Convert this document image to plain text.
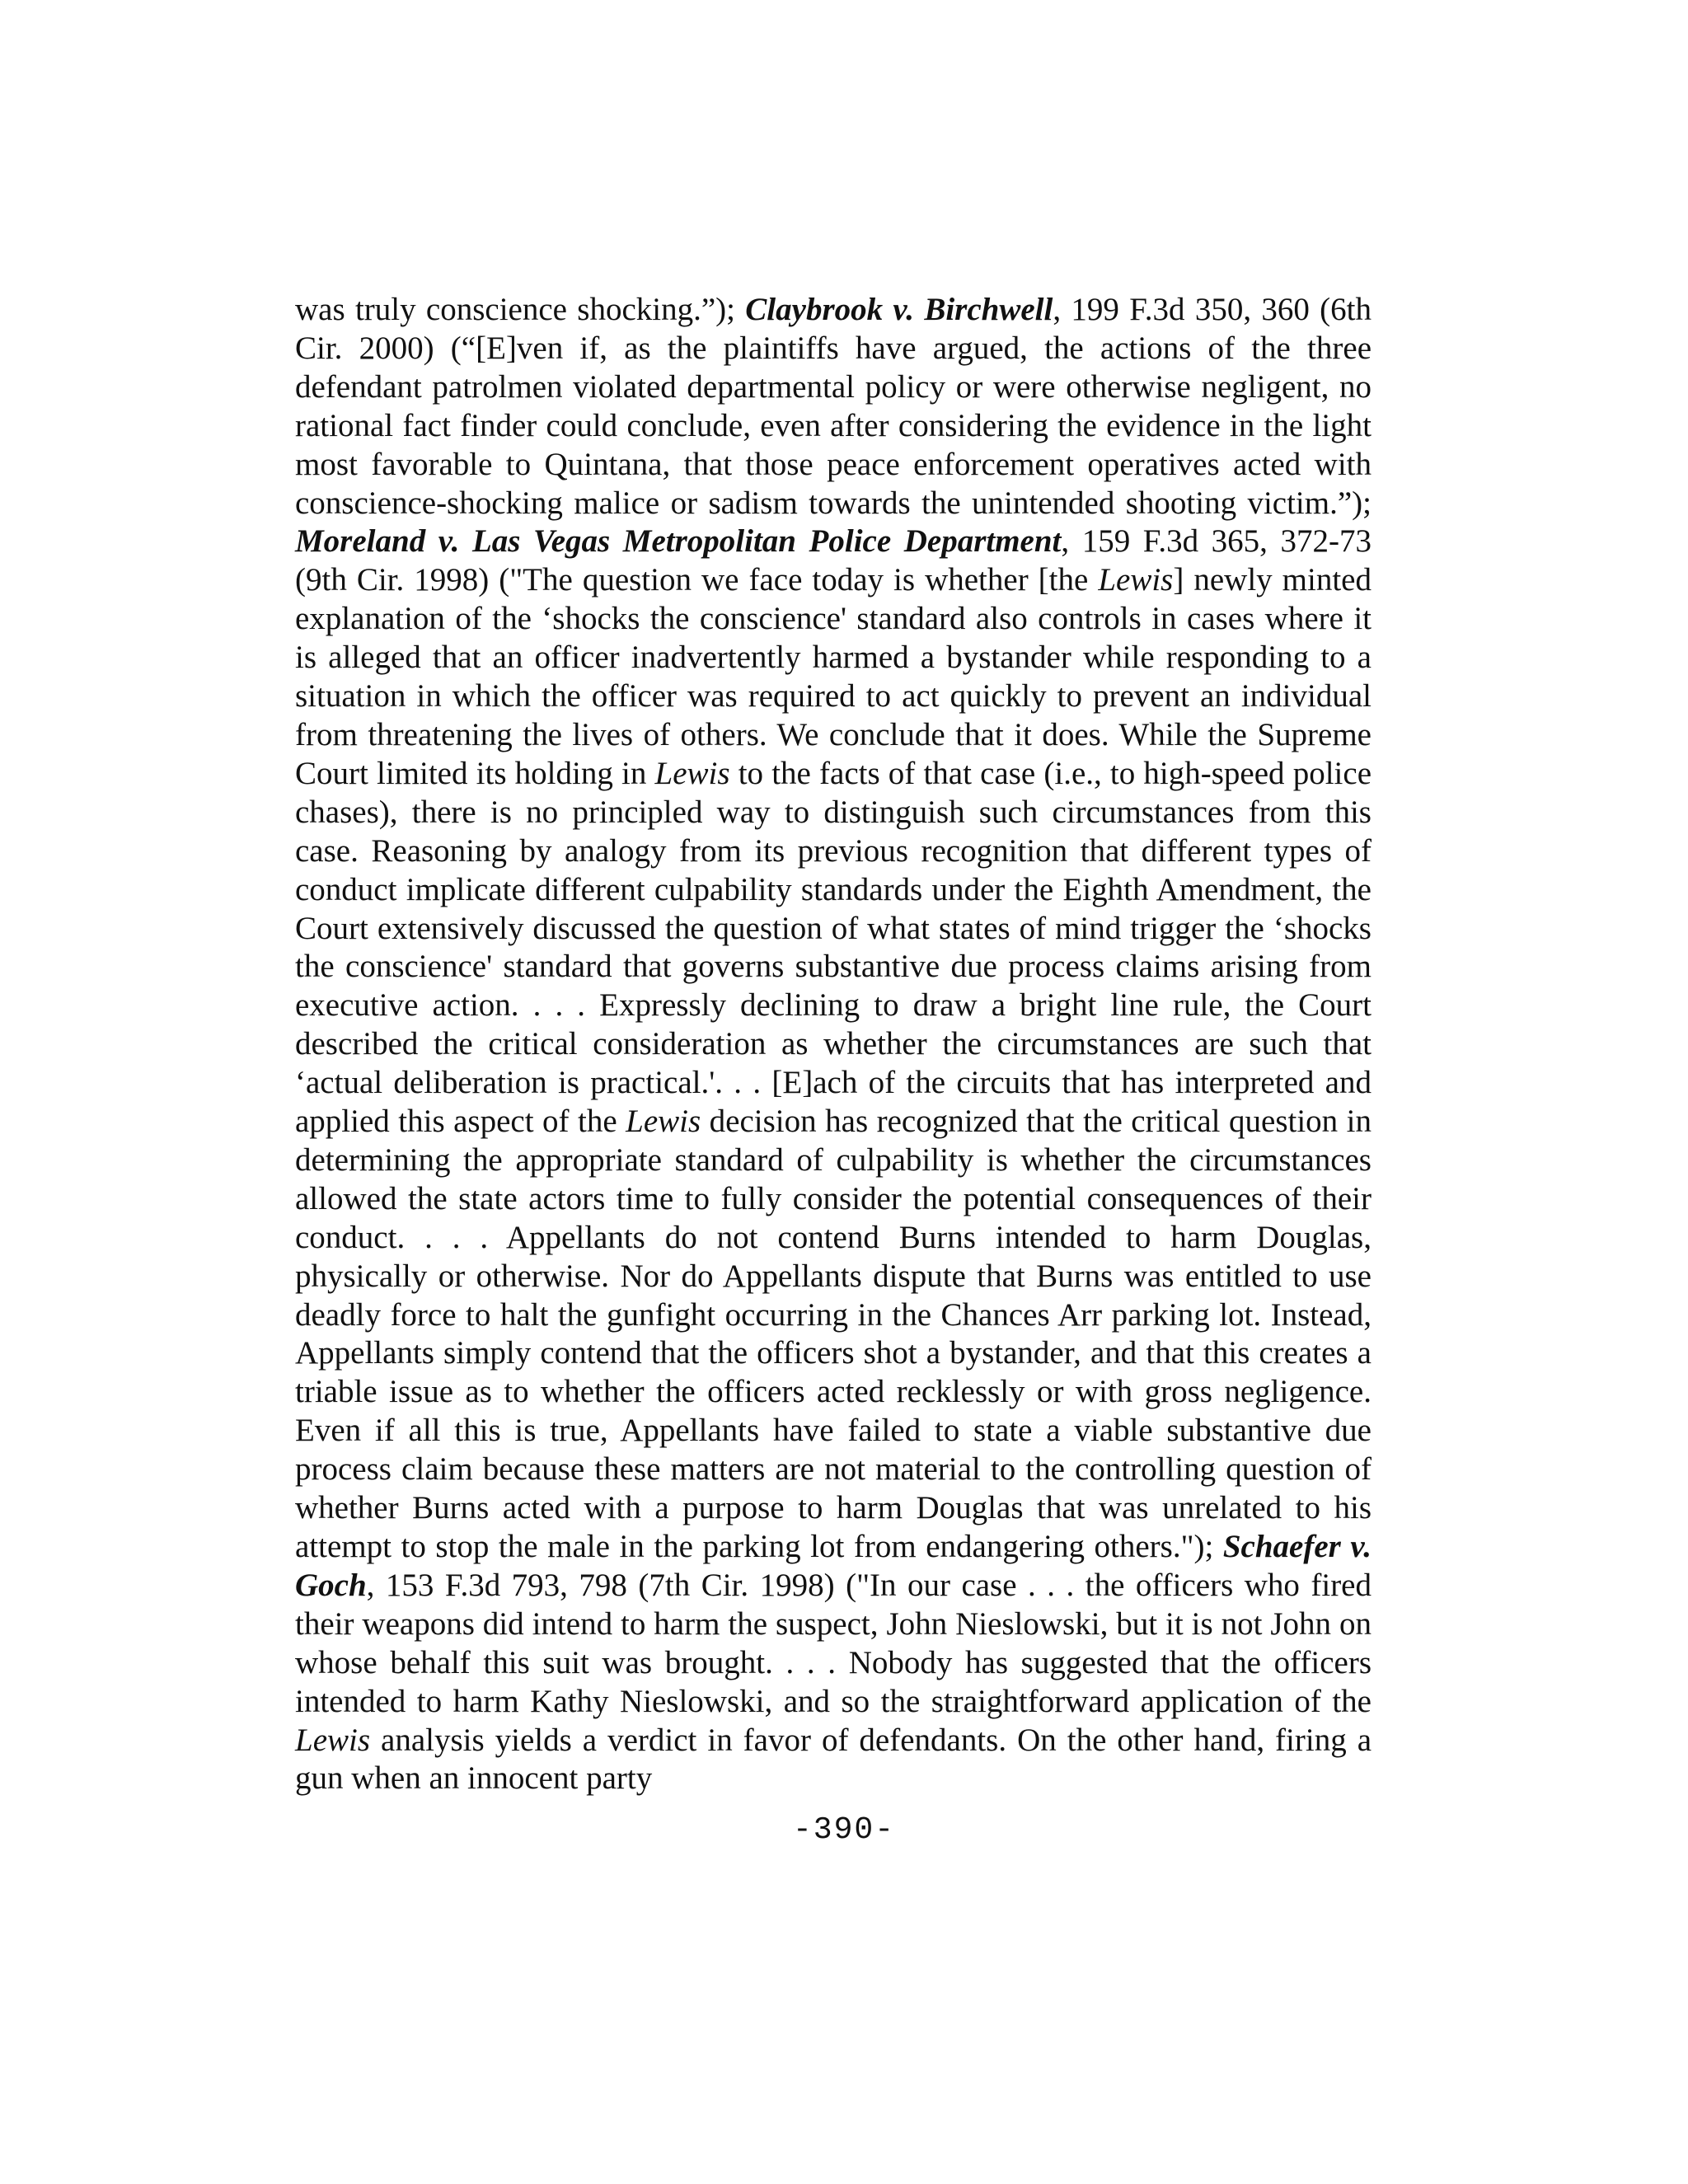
was truly conscience shocking.”); Claybrook v. Birchwell, 199 F.3d 350, 360 (6th Cir. 2000) (“[E]ven if, as the plaintiffs have argued, the actions of the three defendant patrolmen violated departmental policy or were otherwise negligent, no rational fact finder could conclude, even after considering the evidence in the light most favorable to Quintana, that those peace enforcement operatives acted with conscience-shocking malice or sadism towards the unintended shooting victim.”); Moreland v. Las Vegas Metropolitan Police Department, 159 F.3d 365, 372-73 (9th Cir. 1998) ("The question we face today is whether [the Lewis] newly minted explanation of the ‘shocks the conscience' standard also controls in cases where it is alleged that an officer inadvertently harmed a bystander while responding to a situation in which the officer was required to act quickly to prevent an individual from threatening the lives of others. We conclude that it does. While the Supreme Court limited its holding in Lewis to the facts of that case (i.e., to high-speed police chases), there is no principled way to distinguish such circumstances from this case. Reasoning by analogy from its previous recognition that different types of conduct implicate different culpability standards under the Eighth Amendment, the Court extensively discussed the question of what states of mind trigger the ‘shocks the conscience' standard that governs substantive due process claims arising from executive action. . . . Expressly declining to draw a bright line rule, the Court described the critical consideration as whether the circumstances are such that ‘actual deliberation is practical.'. . . [E]ach of the circuits that has interpreted and applied this aspect of the Lewis decision has recognized that the critical question in determining the appropriate standard of culpability is whether the circumstances allowed the state actors time to fully consider the potential consequences of their conduct. . . . Appellants do not contend Burns intended to harm Douglas, physically or otherwise. Nor do Appellants dispute that Burns was entitled to use deadly force to halt the gunfight occurring in the Chances Arr parking lot. Instead, Appellants simply contend that the officers shot a bystander, and that this creates a triable issue as to whether the officers acted recklessly or with gross negligence. Even if all this is true, Appellants have failed to state a viable substantive due process claim because these matters are not material to the controlling question of whether Burns acted with a purpose to harm Douglas that was unrelated to his attempt to stop the male in the parking lot from endangering others."); Schaefer v. Goch, 153 F.3d 793, 798 (7th Cir. 1998) ("In our case . . . the officers who fired their weapons did intend to harm the suspect, John Nieslowski, but it is not John on whose behalf this suit was brought. . . . Nobody has suggested that the officers intended to harm Kathy Nieslowski, and so the straightforward application of the Lewis analysis yields a verdict in favor of defendants. On the other hand, firing a gun when an innocent party

-390-
